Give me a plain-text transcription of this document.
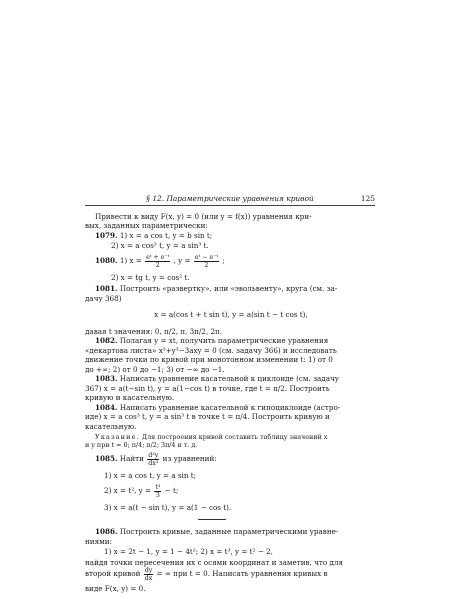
§ 12. Параметрические уравнения кривой	125
Привести к виду F(x, y) = 0 (или y = f(x)) уравнения кри-
вых, заданных параметрически:
1079. 1) x = a cos t, y = b sin t;
2) x = a cos³ t, y = a sin³ t.
1080. 1) $x = \frac{\text{eᵗ + e⁻ᵗ}}{2}$ , $y = \frac{\text{eᵗ − e⁻ᵗ}}{2}$ ;
2) x = tg t, y = cos² t.
1081. Построить «развертку», или «эвольвенту», круга (см. за-
дачу 368)
x = a(cos t + t sin t), y = a(sin t − t cos t),
давая t значения: 0, π/2, π, 3π/2, 2π.
1082. Полагая y = xt, получить параметрические уравнения
«декартова листа» x³+y³−3axy = 0 (см. задачу 366) и исследовать
движение точки по кривой при монотонном изменении t: 1) от 0
до +∞; 2) от 0 до −1; 3) от −∞ до −1.
1083. Написать уравнение касательной к циклоиде (см. задачу
367) x = a(t−sin t), y = a(1−cos t) в точке, где t = π/2. Построить
кривую и касательную.
1084. Написать уравнение касательной к гипоциклоиде (астро-
иде) x = a cos³ t, y = a sin³ t в точке t = π/4. Построить кривую и
касательную.
Указание. Для построения кривой составить таблицу значений x
и y при t = 0; π/4; π/2; 3π/4 и т. д.
1085. Найти $\frac{\text{d²y}}{\text{dx²}}$ из уравнений:
1) x = a cos t, y = a sin t;
2) x = t², $y = \frac{\text{t³}}{3} - t$;
3) x = a(t − sin t), y = a(1 − cos t).
1086. Построить кривые, заданные параметрическими уравне-
ниями:
1) x = 2t − 1, y = 1 − 4t²; 2) x = t³, y = t² − 2,
найдя точки пересечения их с осями координат и заметив, что для
второй кривой $\frac{dy}{dx}$ = ∞ при t = 0. Написать уравнения кривых в
виде F(x, y) = 0.
